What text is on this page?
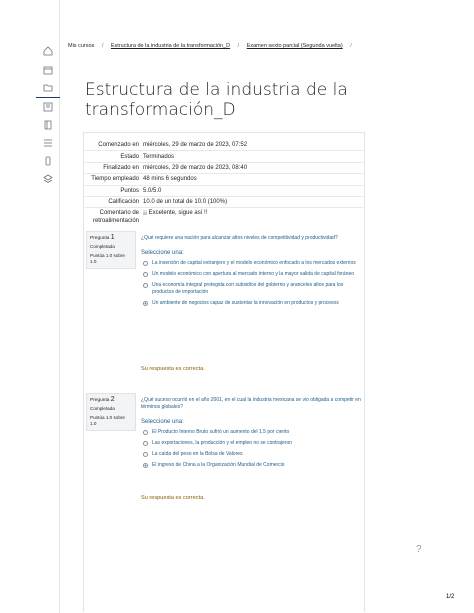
Mis cursos / Estructura de la industria de la transformación_D / Examen sexto parcial (Segunda vuelta) /
Estructura de la industria de la transformación_D
Comenzado en miércoles, 29 de marzo de 2023, 07:52
Estado Terminados
Finalizado en miércoles, 29 de marzo de 2023, 08:40
Tiempo empleado 48 mins 6 segundos
Puntos 5.0/5.0
Calificación 10.0 de un total de 10.0 (100%)
Comentario de retroalimentación
¡¡ Excelente, sigue así !!
Pregunta 1
Completada
Puntúa 1.0 sobre 1.0
¿Qué requiere una nación para alcanzar altos niveles de competitividad y productividad?
Seleccione una:
La inserción de capital extranjero y el modelo económico enfocado a los mercados externos
Un modelo económico con apertura al mercado interno y la mayor salida de capital foráneo
Una economía integral protegida con subsidios del gobierno y aranceles altos para los productos de importación
Un ambiente de negocios capaz de sustentar la innovación en productos y procesos
Su respuesta es correcta.
Pregunta 2
Completada
Puntúa 1.0 sobre 1.0
¿Qué suceso ocurrió en el año 2001, en el cual la industria mexicana se vio obligada a competir en términos globales?
Seleccione una:
El Producto Interno Bruto sufrió un aumento del 1.5 por ciento
Las exportaciones, la producción y el empleo no se contrajeron
La caída del peso en la Bolsa de Valores
El ingreso de China a la Organización Mundial de Comercio
Su respuesta es correcta.
?
1/2
